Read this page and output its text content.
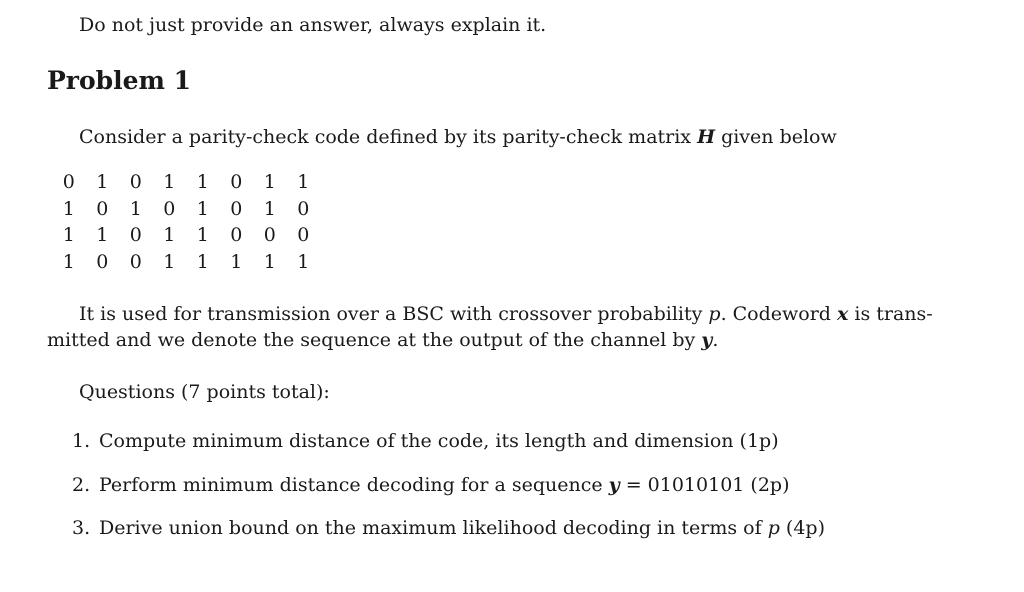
Do not just provide an answer, always explain it.
Problem 1
Consider a parity-check code defined by its parity-check matrix H given below
0	1	0	1	1	0	1	1
1	0	1	0	1	0	1	0
1	1	0	1	1	0	0	0
1	0	0	1	1	1	1	1
It is used for transmission over a BSC with crossover probability p. Codeword x is trans-
mitted and we denote the sequence at the output of the channel by y.
Questions (7 points total):
1. Compute minimum distance of the code, its length and dimension (1p)
2. Perform minimum distance decoding for a sequence y = 01010101 (2p)
3. Derive union bound on the maximum likelihood decoding in terms of p (4p)
